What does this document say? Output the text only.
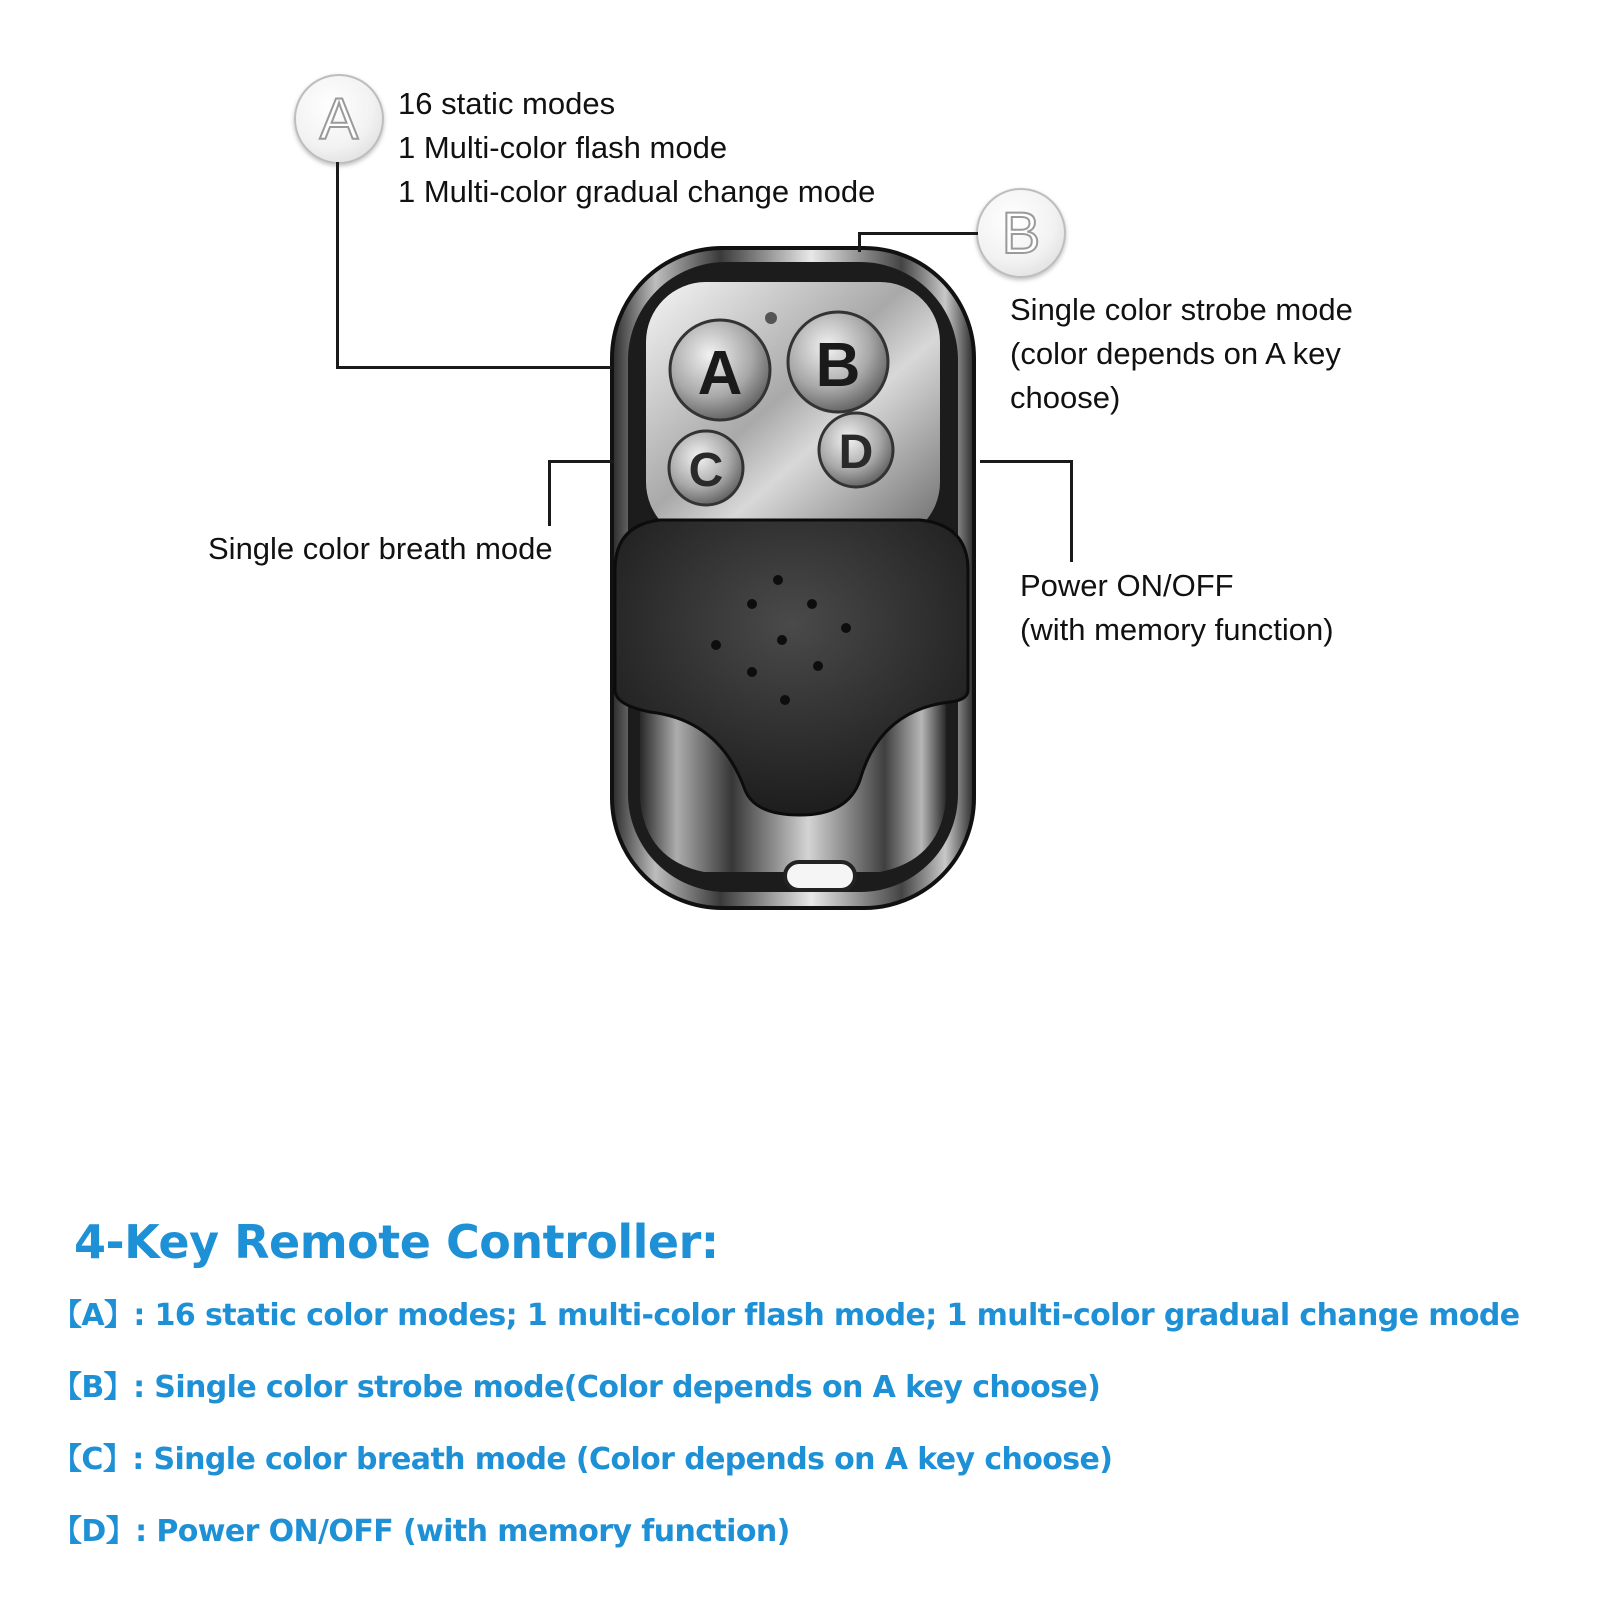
A B
C D
A	16 static modes
1 Multi-color flash mode
1 Multi-color gradual change mode
B
Single color strobe mode
(color depends on A key
choose)
Single color breath mode
Power ON/OFF
(with memory function)
4-Key Remote Controller:
【A】: 16 static color modes; 1 multi-color flash mode; 1 multi-color gradual change mode
【B】: Single color strobe mode(Color depends on A key choose)
【C】: Single color breath mode (Color depends on A key choose)
【D】: Power ON/OFF (with memory function)
